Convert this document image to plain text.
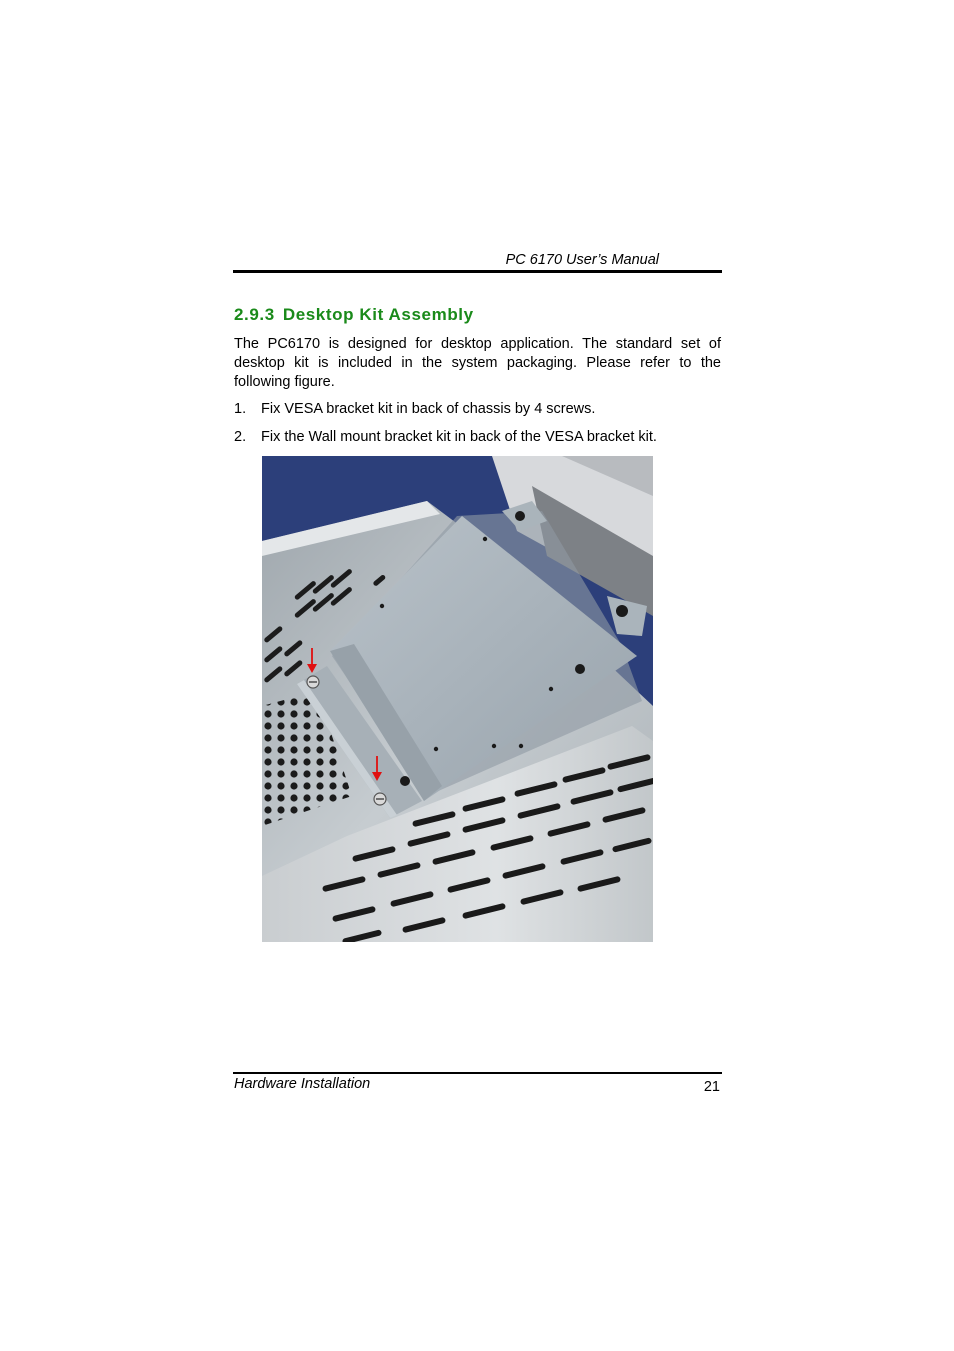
PC 6170 User’s Manual
2.9.3 Desktop Kit Assembly

The PC6170 is designed for desktop application. The standard set of desktop kit is included in the system packaging. Please refer to the following figure.

1. Fix VESA bracket kit in back of chassis by 4 screws.
2. Fix the Wall mount bracket kit in back of the VESA bracket kit.
Hardware Installation	21
